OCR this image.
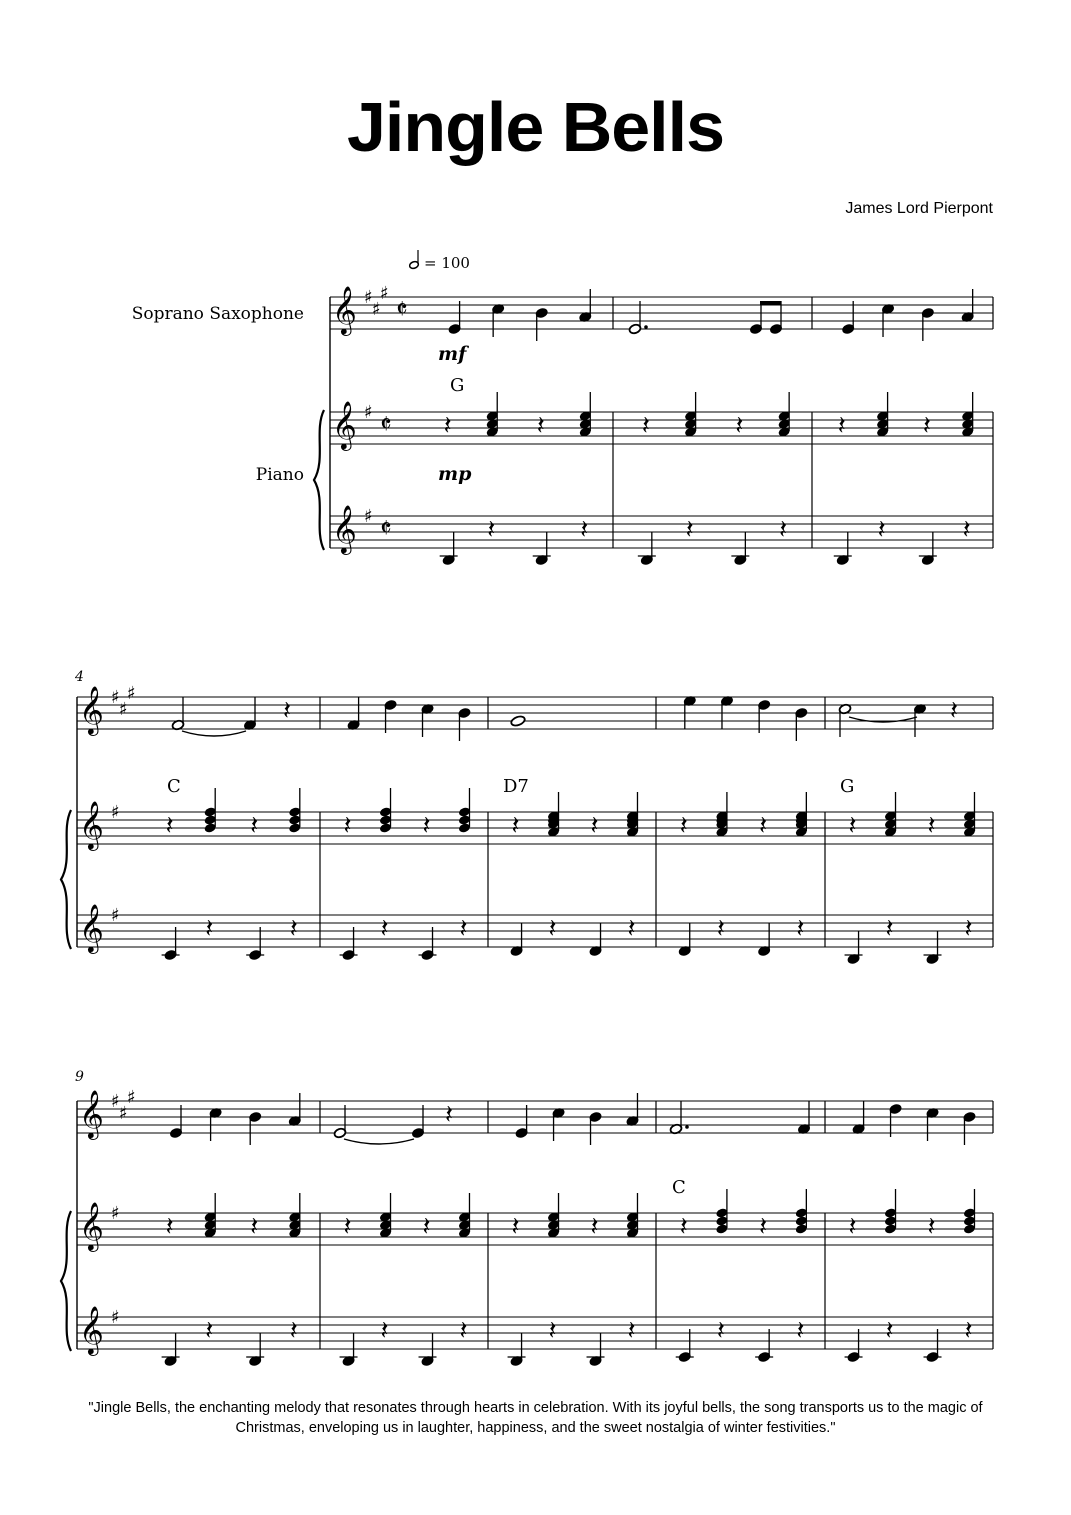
Jingle Bells
James Lord Pierpont
= 100
Soprano Saxophone
Piano
mf
mp
G
4
C	D7	G
9
C
𝄞 ♯
♯
♯
𝄵
𝄞 ♯ 𝄵
𝄞 ♯ 𝄵
𝄽	𝄽
𝄽	𝄽
𝄽	𝄽
𝄽	𝄽
𝄽	𝄽
𝄽	𝄽
𝄞 ♯
♯
♯
𝄞 ♯
𝄞 ♯
𝄽
𝄽	𝄽
𝄽	𝄽
𝄽	𝄽
𝄽	𝄽
𝄽	𝄽
𝄽	𝄽
𝄽	𝄽
𝄽	𝄽
𝄽
𝄽	𝄽
𝄽	𝄽
𝄞 ♯
♯
♯
𝄞 ♯
𝄞 ♯
𝄽	𝄽
𝄽	𝄽
𝄽
𝄽	𝄽
𝄽	𝄽
𝄽	𝄽
𝄽	𝄽
𝄽	𝄽
𝄽	𝄽
𝄽	𝄽
𝄽	𝄽
"Jingle Bells, the enchanting melody that resonates through hearts in celebration. With its joyful bells, the song transports us to the magic of Christmas, enveloping us in laughter, happiness, and the sweet nostalgia of winter festivities."
